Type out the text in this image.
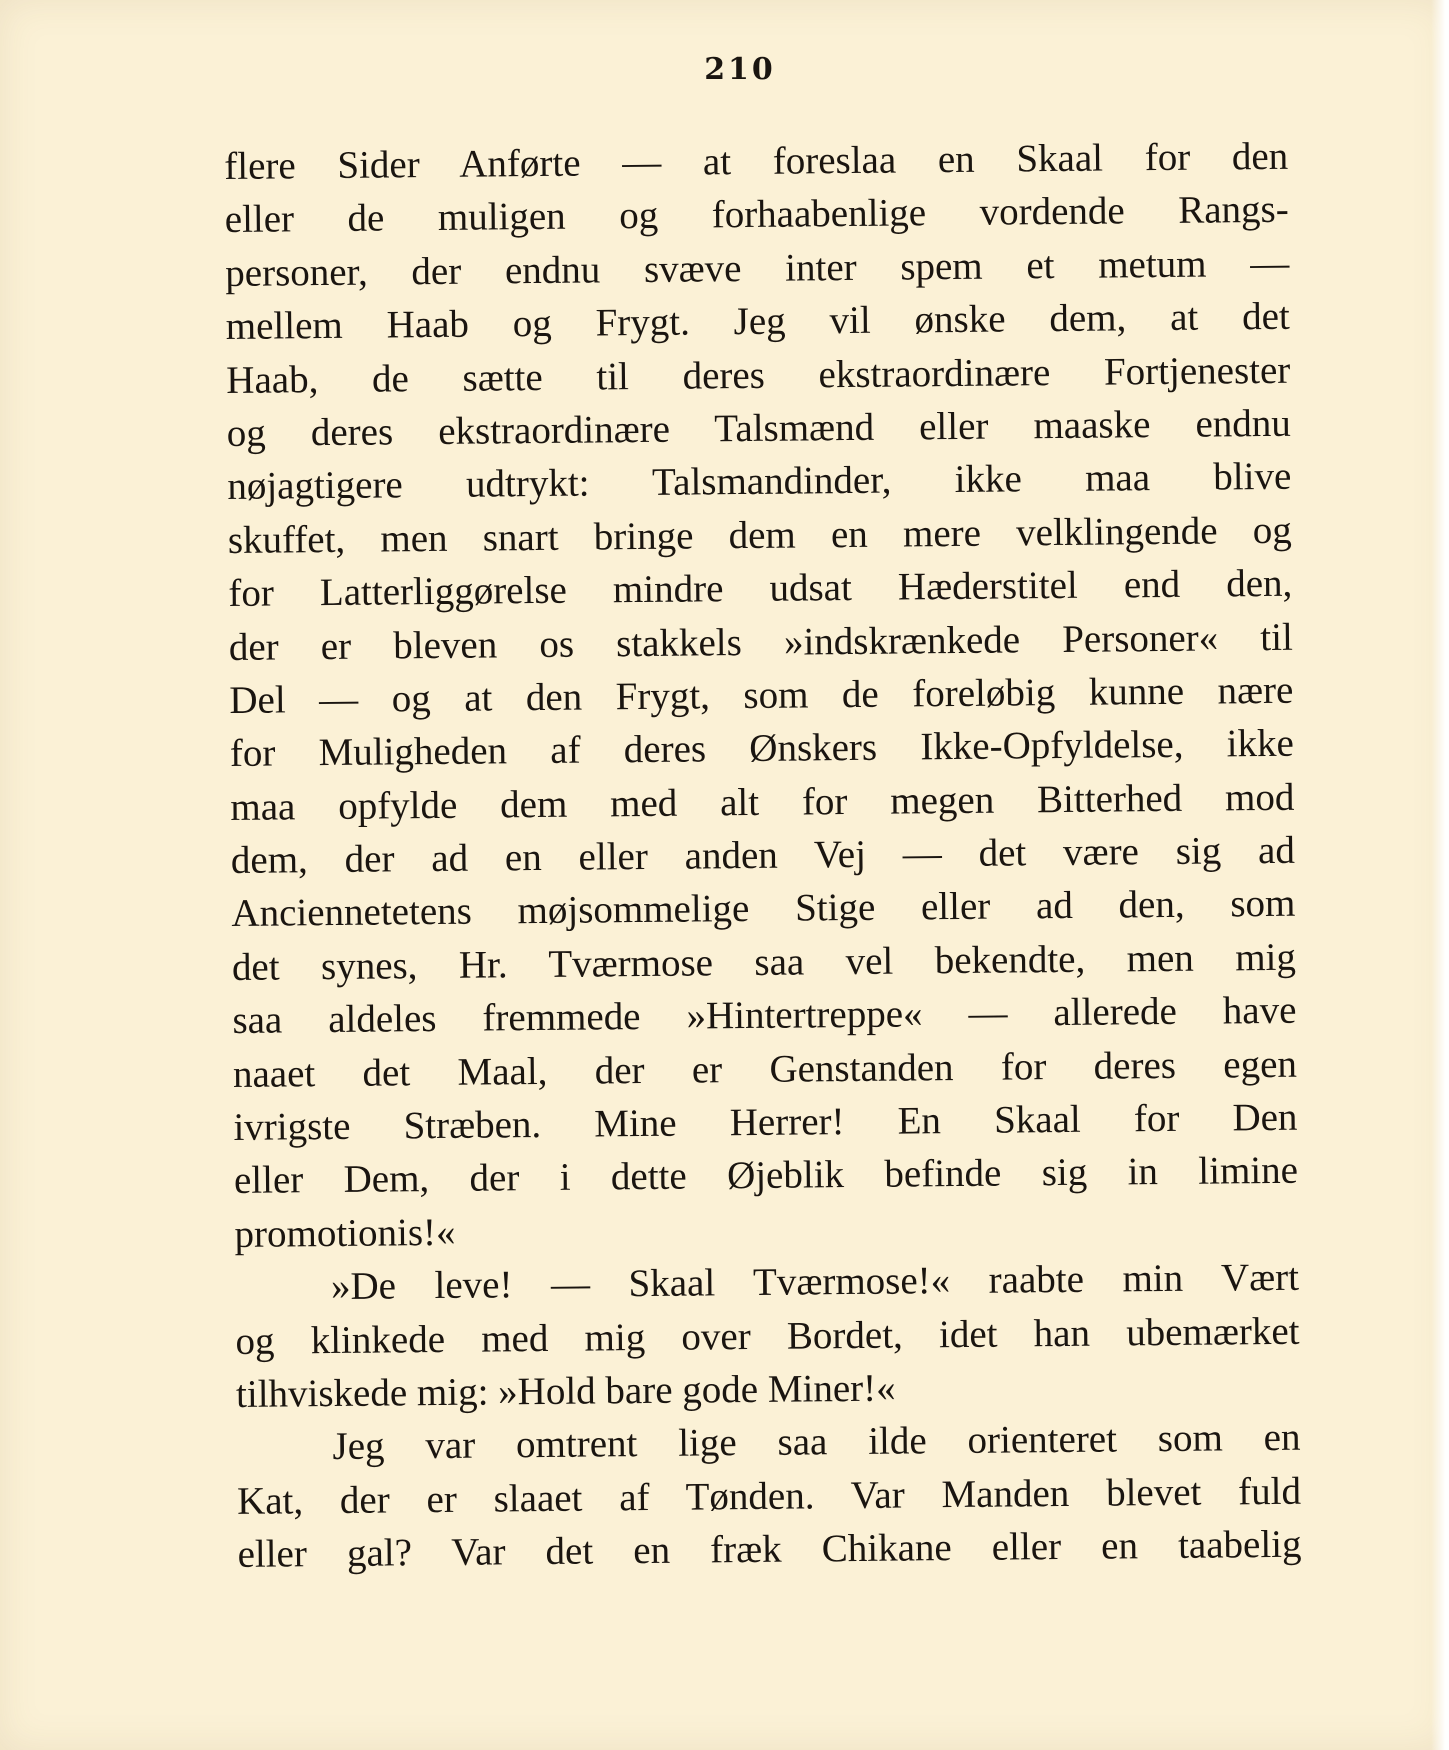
210
flere Sider Anførte — at foreslaa en Skaal for den
eller de muligen og forhaabenlige vordende Rangs-
personer, der endnu svæve inter spem et metum —
mellem Haab og Frygt. Jeg vil ønske dem, at det
Haab, de sætte til deres ekstraordinære Fortjenester
og deres ekstraordinære Talsmænd eller maaske endnu
nøjagtigere udtrykt: Talsmandinder, ikke maa blive
skuffet, men snart bringe dem en mere velklingende og
for Latterliggørelse mindre udsat Hæderstitel end den,
der er bleven os stakkels »indskrænkede Personer« til
Del — og at den Frygt, som de foreløbig kunne nære
for Muligheden af deres Ønskers Ikke-Opfyldelse, ikke
maa opfylde dem med alt for megen Bitterhed mod
dem, der ad en eller anden Vej — det være sig ad
Anciennetetens møjsommelige Stige eller ad den, som
det synes, Hr. Tværmose saa vel bekendte, men mig
saa aldeles fremmede »Hintertreppe« — allerede have
naaet det Maal, der er Genstanden for deres egen
ivrigste Stræben. Mine Herrer! En Skaal for Den
eller Dem, der i dette Øjeblik befinde sig in limine
promotionis!«
»De leve! — Skaal Tværmose!« raabte min Vært
og klinkede med mig over Bordet, idet han ubemærket
tilhviskede mig: »Hold bare gode Miner!«
Jeg var omtrent lige saa ilde orienteret som en
Kat, der er slaaet af Tønden. Var Manden blevet fuld
eller gal? Var det en fræk Chikane eller en taabelig
